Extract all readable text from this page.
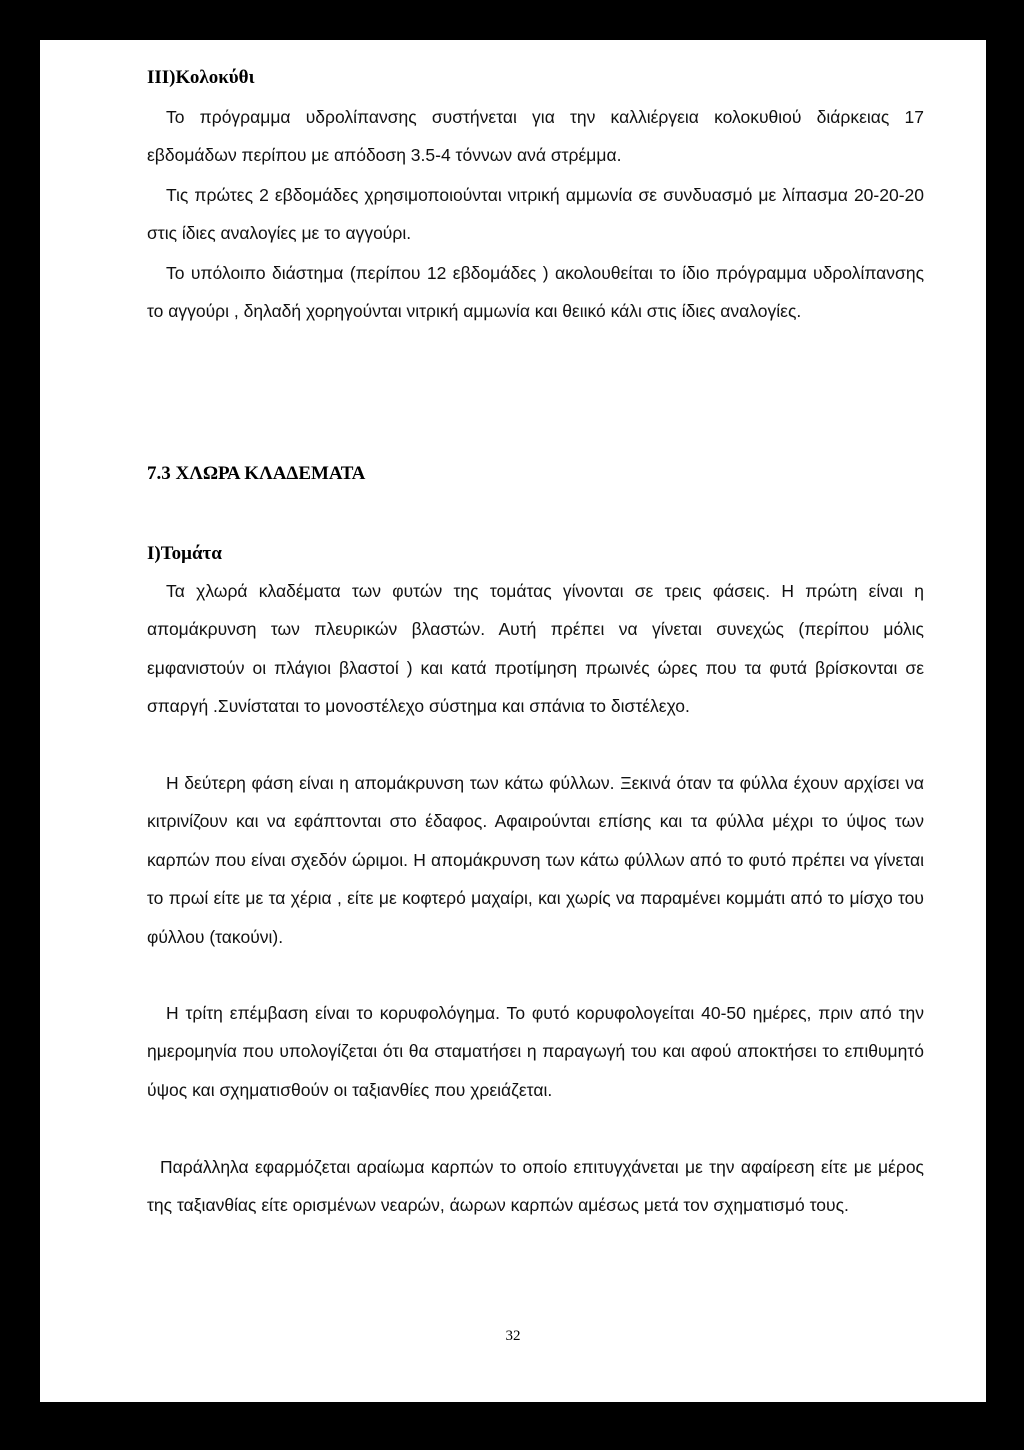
III)Κολοκύθι

Το πρόγραμμα υδρολίπανσης συστήνεται για την καλλιέργεια κολοκυθιού διάρκειας 17 εβδομάδων περίπου με απόδοση 3.5-4 τόννων ανά στρέμμα.

Τις πρώτες 2 εβδομάδες χρησιμοποιούνται νιτρική αμμωνία σε συνδυασμό με λίπασμα 20-20-20 στις ίδιες αναλογίες με το αγγούρι.

Το υπόλοιπο διάστημα (περίπου 12 εβδομάδες ) ακολουθείται το ίδιο πρόγραμμα υδρολίπανσης το αγγούρι , δηλαδή χορηγούνται νιτρική αμμωνία και θειικό κάλι στις ίδιες αναλογίες.

7.3 ΧΛΩΡΑ ΚΛΑΔΕΜΑΤΑ
I)Τομάτα

Τα χλωρά κλαδέματα των φυτών της τομάτας γίνονται σε τρεις φάσεις. Η πρώτη είναι η απομάκρυνση των πλευρικών βλαστών. Αυτή πρέπει να γίνεται συνεχώς (περίπου μόλις εμφανιστούν οι πλάγιοι βλαστοί ) και κατά προτίμηση πρωινές ώρες που τα φυτά βρίσκονται σε σπαργή .Συνίσταται το μονοστέλεχο σύστημα και σπάνια το διστέλεχο.

Η δεύτερη φάση είναι η απομάκρυνση των κάτω φύλλων. Ξεκινά όταν τα φύλλα έχουν αρχίσει να κιτρινίζουν και να εφάπτονται στο έδαφος. Αφαιρούνται επίσης και τα φύλλα μέχρι το ύψος των καρπών που είναι σχεδόν ώριμοι. Η απομάκρυνση των κάτω φύλλων από το φυτό πρέπει να γίνεται το πρωί είτε με τα χέρια , είτε με κοφτερό μαχαίρι, και χωρίς να παραμένει κομμάτι από το μίσχο του φύλλου (τακούνι).

Η τρίτη επέμβαση είναι το κορυφολόγημα. Το φυτό κορυφολογείται 40-50 ημέρες, πριν από την ημερομηνία που υπολογίζεται ότι θα σταματήσει η παραγωγή του και αφού αποκτήσει το επιθυμητό ύψος και σχηματισθούν οι ταξιανθίες που χρειάζεται.

Παράλληλα εφαρμόζεται αραίωμα καρπών το οποίο επιτυγχάνεται με την αφαίρεση είτε με μέρος της ταξιανθίας είτε ορισμένων νεαρών, άωρων καρπών αμέσως μετά τον σχηματισμό τους.

32
